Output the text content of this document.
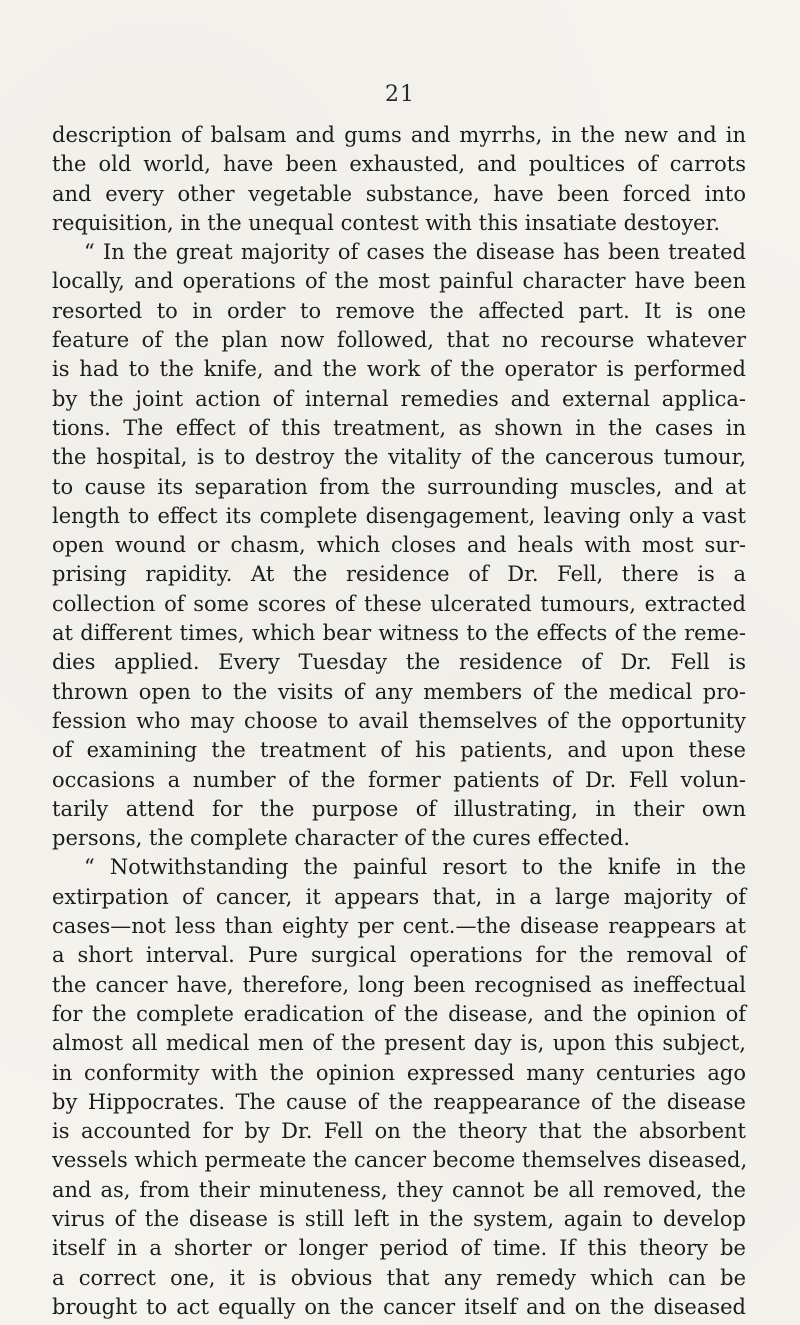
21
description of balsam and gums and myrrhs, in the new and in
the old world, have been exhausted, and poultices of carrots
and every other vegetable substance, have been forced into
requisition, in the unequal contest with this insatiate destoyer.
“ In the great majority of cases the disease has been treated
locally, and operations of the most painful character have been
resorted to in order to remove the affected part. It is one
feature of the plan now followed, that no recourse whatever
is had to the knife, and the work of the operator is performed
by the joint action of internal remedies and external applica-
tions. The effect of this treatment, as shown in the cases in
the hospital, is to destroy the vitality of the cancerous tumour,
to cause its separation from the surrounding muscles, and at
length to effect its complete disengagement, leaving only a vast
open wound or chasm, which closes and heals with most sur-
prising rapidity. At the residence of Dr. Fell, there is a
collection of some scores of these ulcerated tumours, extracted
at different times, which bear witness to the effects of the reme-
dies applied. Every Tuesday the residence of Dr. Fell is
thrown open to the visits of any members of the medical pro-
fession who may choose to avail themselves of the opportunity
of examining the treatment of his patients, and upon these
occasions a number of the former patients of Dr. Fell volun-
tarily attend for the purpose of illustrating, in their own
persons, the complete character of the cures effected.
“ Notwithstanding the painful resort to the knife in the
extirpation of cancer, it appears that, in a large majority of
cases—not less than eighty per cent.—the disease reappears at
a short interval. Pure surgical operations for the removal of
the cancer have, therefore, long been recognised as ineffectual
for the complete eradication of the disease, and the opinion of
almost all medical men of the present day is, upon this subject,
in conformity with the opinion expressed many centuries ago
by Hippocrates. The cause of the reappearance of the disease
is accounted for by Dr. Fell on the theory that the absorbent
vessels which permeate the cancer become themselves diseased,
and as, from their minuteness, they cannot be all removed, the
virus of the disease is still left in the system, again to develop
itself in a shorter or longer period of time. If this theory be
a correct one, it is obvious that any remedy which can be
brought to act equally on the cancer itself and on the diseased
